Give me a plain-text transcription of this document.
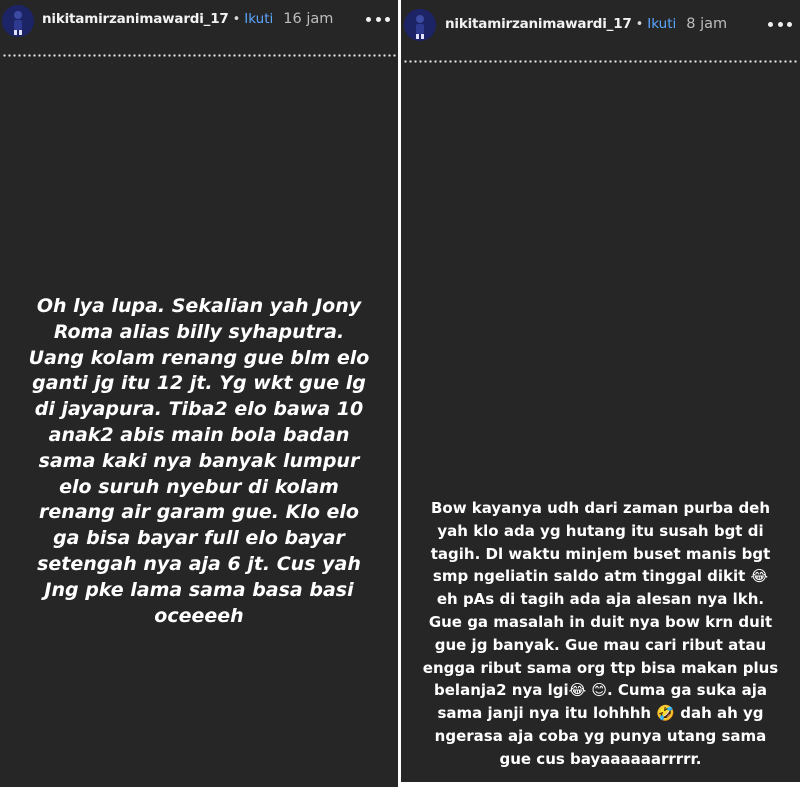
nikitamirzanimawardi_17 • Ikuti 16 jam	nikitamirzanimawardi_17 • Ikuti 8 jam
Oh lya lupa. Sekalian yah Jony
Roma alias billy syhaputra.
Uang kolam renang gue blm elo
ganti jg itu 12 jt. Yg wkt gue lg
di jayapura. Tiba2 elo bawa 10
anak2 abis main bola badan
sama kaki nya banyak lumpur
elo suruh nyebur di kolam
renang air garam gue. Klo elo
ga bisa bayar full elo bayar
setengah nya aja 6 jt. Cus yah
Jng pke lama sama basa basi
oceeeeh
Bow kayanya udh dari zaman purba deh
yah klo ada yg hutang itu susah bgt di
tagih. Dl waktu minjem buset manis bgt
smp ngeliatin saldo atm tinggal dikit 😂
eh pAs di tagih ada aja alesan nya lkh.
Gue ga masalah in duit nya bow krn duit
gue jg banyak. Gue mau cari ribut atau
engga ribut sama org ttp bisa makan plus
belanja2 nya lgi😂 😊. Cuma ga suka aja
sama janji nya itu lohhhh 🤣 dah ah yg
ngerasa aja coba yg punya utang sama
gue cus bayaaaaaarrrrr.
